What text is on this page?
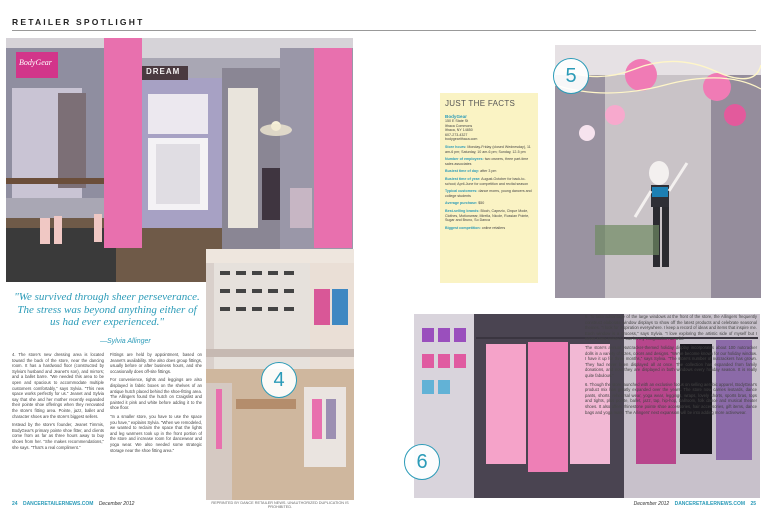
RETAILER SPOTLIGHT
BodyGear
DREAM
4
5
6
"We survived through sheer perseverance. The stress was beyond anything either of us had ever experienced."
—Sylvia Allinger

4. The store's new dressing area is located toward the back of the store, near the dancing room. It has a hardwood floor (constructed by Sylvia's husband and Jeanet's son), and mirrors; and a ballet barre. "We needed this area to be open and spacious to accommodate multiple customers comfortably," says Sylvia. "This new space works perfectly for us." Jeanet and Sylvia say that she and her mother recently expanded their pointe shoe offerings when they renovated the store's fitting area. Pointe, jazz, ballet and character shoes are the store's biggest sellers.

Instead by the store's founder, Jeanet Timmis, BodyGear's primary pointe shoe fitter, and clients come from as far as three hours away to buy shoes from her. "She makes recommendations," she says. "That's a real compliment."

Fittings are held by appointment, based on Jeanet's availability. She also does group fittings, usually before or after business hours, and she occasionally does off-site fittings.

For convenience, tights and leggings are also displayed in fabric boxes on the shelves of an antique hutch placed behind the shoe-fitting area. The Allingers found the hutch on Craigslist and painted it pink and white before adding it to the shoe floor.

"In a smaller store, you have to use the space you have," explains Sylvia. "When we remodeled, we wanted to reclaim the space that the lights and leg warmers took up in the front portion of the store and increase room for dancewear and yoga wear. We also needed some strategic storage near the shoe fitting area."

5. To take advantage of the large windows at the front of the store, the Allingers frequently construct elaborate window displays to show off the latest products and celebrate seasonal themes. "I look for inspiration everywhere. I keep a record of ideas and items that inspire me. Each window is a process," says Sylvia. "I love exploring the artistic side of myself but I never knew existed. I can let my imagination run wild."

The store's annual Nutcracker-themed holiday display incorporates about 100 nutcracker dolls in a variety of sizes, colors and designs. "We've become known for our holiday window. I have it up for three months," says Sylvia. "The store's number of nutcrackers has grown. They had never been displayed all at once. The collection has expanded from family donations, and now they are displayed in both windows every holiday season. It is really quite fabulous."

6. Though the store launched with an exclusive focus on selling aerobic apparel, BodyGear's product mix has greatly expanded over the years. The store now carries leotards, dance pants, shorts, rehearsal wear, yoga wear, leggings, wraps, lovely shorts, sports bras, tops and tights, plus pointe, ballet, jazz, tap, hip-hop, ballroom, folk dance and musical theater shoes. It also offers rhinestone pointe shoe accessories, hair accessories, gift items, dance bags and yoga mats. The Allingers' next expansion will be into adding more activewear.

JUST THE FACTS
BodyGear
150 E State St
Ithaca Commons
Ithaca, NY 14850
607-273-4327
bodygearithaca.com
Store hours: Monday-Friday (closed Wednesday), 11 am-6 pm; Saturday, 10 am-6 pm; Sunday, 12-5 pm
Number of employees: two owners, three part-time sales associates
Busiest time of day: after 3 pm
Busiest time of year: August-October for back-to-school; April-June for competition and recital season
Typical customers: dance moms, young dancers and college students
Average purchase: $50
Best-selling brands: Bloch, Capezio, Cirque Mode, Clothes, Motionwear, Mirella, Nicole, Russian Pointe, Sugar and Bruno, So Danca
Biggest competition: online retailers
24 DANCERETAILERNEWS.COM December 2012	REPRINTED BY DANCE RETAILER NEWS. UNAUTHORIZED DUPLICATION IS PROHIBITED.	December 2012 DANCERETAILERNEWS.COM 25
